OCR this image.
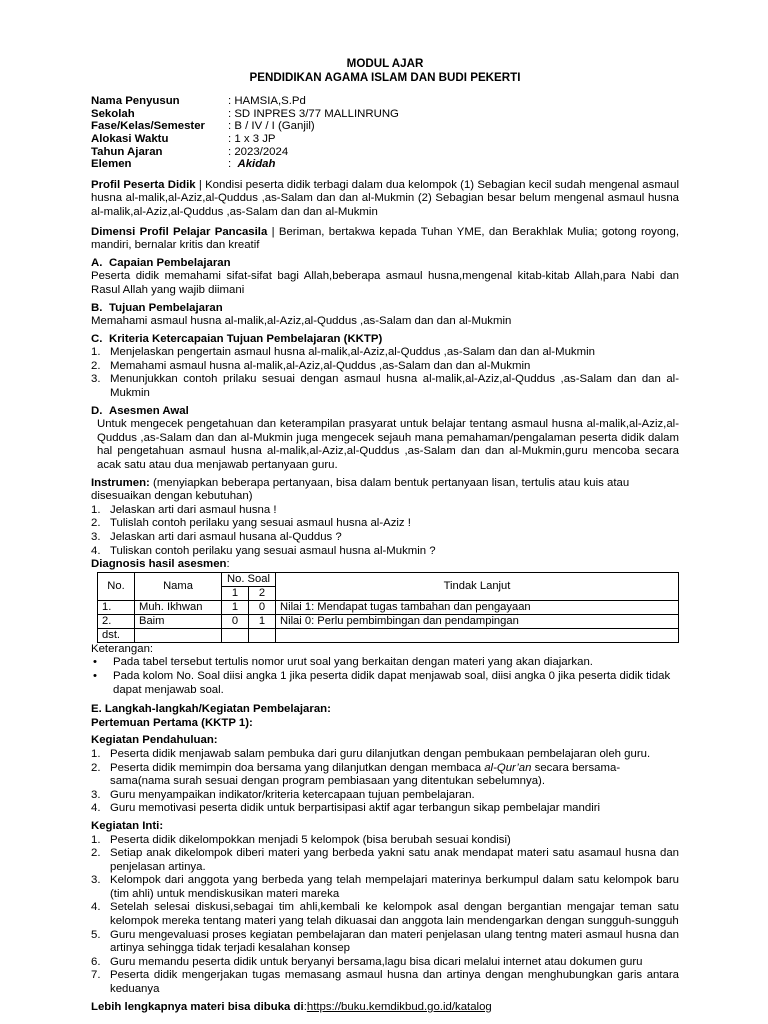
MODUL AJAR
PENDIDIKAN AGAMA ISLAM DAN BUDI PEKERTI
Nama Penyusun	: HAMSIA,S.Pd
Sekolah	: SD INPRES 3/77 MALLINRUNG
Fase/Kelas/Semester	: B / IV / I (Ganjil)
Alokasi Waktu	: 1 x 3 JP
Tahun Ajaran	: 2023/2024
Elemen	:  Akidah

Profil Peserta Didik | Kondisi peserta didik terbagi dalam dua kelompok (1) Sebagian kecil sudah mengenal asmaul husna al-malik,al-Aziz,al-Quddus ,as-Salam dan dan al-Mukmin (2) Sebagian besar belum mengenal asmaul husna al-malik,al-Aziz,al-Quddus ,as-Salam dan dan al-Mukmin

Dimensi Profil Pelajar Pancasila | Beriman, bertakwa kepada Tuhan YME, dan Berakhlak Mulia; gotong royong, mandiri, bernalar kritis dan kreatif

A. Capaian Pembelajaran

Peserta didik memahami sifat-sifat bagi Allah,beberapa asmaul husna,mengenal kitab-kitab Allah,para Nabi dan Rasul Allah yang wajib diimani

B. Tujuan Pembelajaran

Memahami asmaul husna al-malik,al-Aziz,al-Quddus ,as-Salam dan dan al-Mukmin

C. Kriteria Ketercapaian Tujuan Pembelajaran (KKTP)
1. Menjelaskan pengertain asmaul husna al-malik,al-Aziz,al-Quddus ,as-Salam dan dan al-Mukmin
2. Memahami asmaul husna al-malik,al-Aziz,al-Quddus ,as-Salam dan dan al-Mukmin
3. Menunjukkan contoh prilaku sesuai dengan asmaul husna al-malik,al-Aziz,al-Quddus ,as-Salam dan dan al-Mukmin
D. Asesmen Awal

Untuk mengecek pengetahuan dan keterampilan prasyarat untuk belajar tentang asmaul husna al-malik,al-Aziz,al-Quddus ,as-Salam dan dan al-Mukmin juga mengecek sejauh mana pemahaman/pengalaman peserta didik dalam hal pengetahuan asmaul husna al-malik,al-Aziz,al-Quddus ,as-Salam dan dan al-Mukmin,guru mencoba secara acak satu atau dua menjawab pertanyaan guru.

Instrumen: (menyiapkan beberapa pertanyaan, bisa dalam bentuk pertanyaan lisan, tertulis atau kuis atau disesuaikan dengan kebutuhan)

1. Jelaskan arti dari asmaul husna !
2. Tulislah contoh perilaku yang sesuai asmaul husna al-Aziz !
3. Jelaskan arti dari asmaul husana al-Quddus ?
4. Tuliskan contoh perilaku yang sesuai asmaul husna al-Mukmin ?

Diagnosis hasil asesmen:

No.	Nama	No. Soal		Tindak Lanjut
		1	2	
1.	Muh. Ikhwan	1	0	Nilai 1: Mendapat tugas tambahan dan pengayaan
2.	Baim	0	1	Nilai 0: Perlu pembimbingan dan pendampingan
dst.				

Keterangan:

•	Pada tabel tersebut tertulis nomor urut soal yang berkaitan dengan materi yang akan diajarkan.
•	Pada kolom No. Soal diisi angka 1 jika peserta didik dapat menjawab soal, diisi angka 0 jika peserta didik tidak dapat menjawab soal.

E. Langkah-langkah/Kegiatan Pembelajaran:

Pertemuan Pertama (KKTP 1):

Kegiatan Pendahuluan:

1. Peserta didik menjawab salam pembuka dari guru dilanjutkan dengan pembukaan pembelajaran oleh guru.
2. Peserta didik memimpin doa bersama yang dilanjutkan dengan membaca al-Qur’an secara bersama-sama(nama surah sesuai dengan program pembiasaan yang ditentukan sebelumnya).
3. Guru menyampaikan indikator/kriteria ketercapaan tujuan pembelajaran.
4. Guru memotivasi peserta didik untuk berpartisipasi aktif agar terbangun sikap pembelajar mandiri

Kegiatan Inti:

1. Peserta didik dikelompokkan menjadi 5 kelompok (bisa berubah sesuai kondisi)
2. Setiap anak dikelompok diberi materi yang berbeda yakni satu anak mendapat materi satu asamaul husna dan penjelasan artinya.
3. Kelompok dari anggota yang berbeda yang telah mempelajari materinya berkumpul dalam satu kelompok baru (tim ahli) untuk mendiskusikan materi mareka
4. Setelah selesai diskusi,sebagai tim ahli,kembali ke kelompok asal dengan bergantian mengajar teman satu kelompok mereka tentang materi yang telah dikuasai dan anggota lain mendengarkan dengan sungguh-sungguh
5. Guru mengevaluasi proses kegiatan pembelajaran dan materi penjelasan ulang tentng materi asmaul husna dan artinya sehingga tidak terjadi kesalahan konsep
6. Guru memandu peserta didik untuk beryanyi bersama,lagu bisa dicari melalui internet atau dokumen guru
7. Peserta didik mengerjakan tugas memasang asmaul husna dan artinya dengan menghubungkan garis antara keduanya

Lebih lengkapnya materi bisa dibuka di:https://buku.kemdikbud.go.id/katalog
